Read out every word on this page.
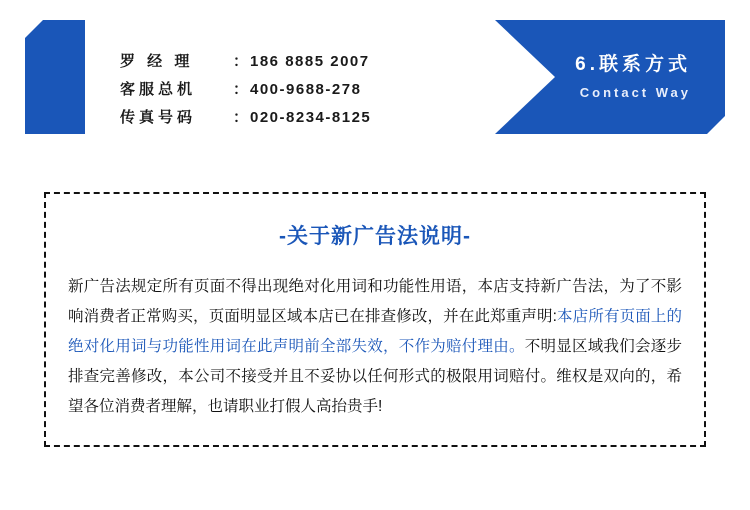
罗 经 理	： 186 8885 2007
客服总机	： 400-9688-278
传真号码	： 020-8234-8125
6.联系方式
Contact Way
-关于新广告法说明-
新广告法规定所有页面不得出现绝对化用词和功能性用语，本店支持新广告法，为了不影响消费者正常购买，页面明显区域本店已在排查修改，并在此郑重声明:本店所有页面上的绝对化用词与功能性用词在此声明前全部失效，不作为赔付理由。不明显区域我们会逐步排查完善修改，本公司不接受并且不妥协以任何形式的极限用词赔付。维权是双向的，希望各位消费者理解，也请职业打假人高抬贵手!
